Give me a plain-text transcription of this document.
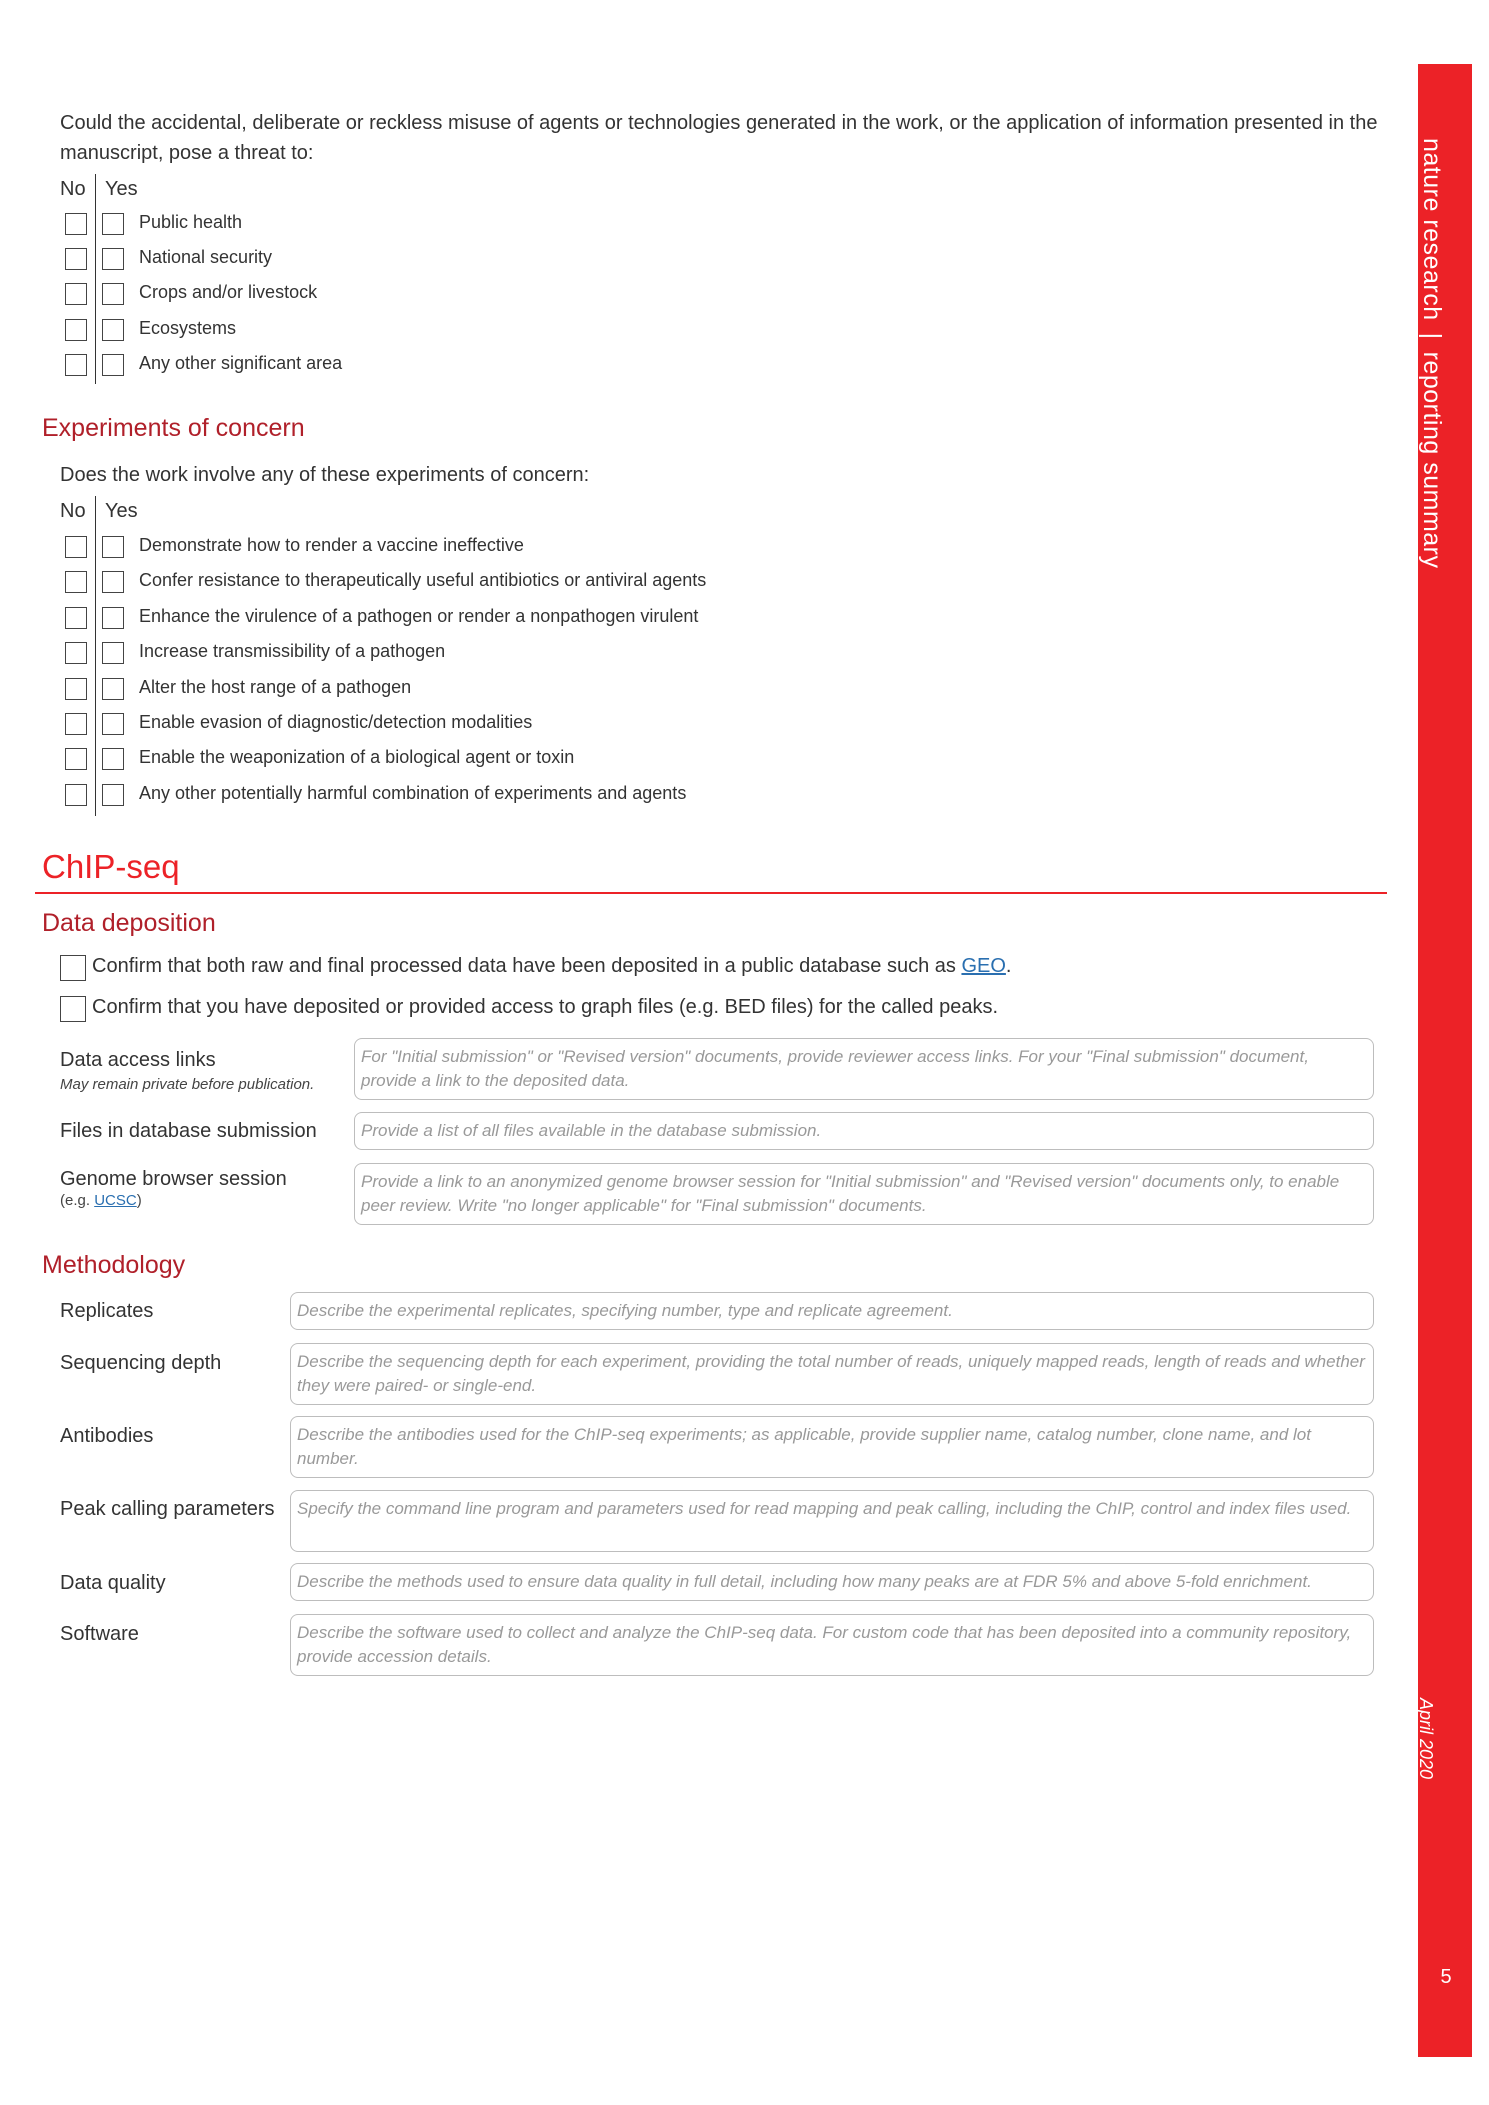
nature research|reporting summary
April 2020
5
Could the accidental, deliberate or reckless misuse of agents or technologies generated in the work, or the application of information presented in the manuscript, pose a threat to:
No Yes
Public health
National security
Crops and/or livestock
Ecosystems
Any other significant area
Experiments of concern
Does the work involve any of these experiments of concern:
No Yes
Demonstrate how to render a vaccine ineffective
Confer resistance to therapeutically useful antibiotics or antiviral agents
Enhance the virulence of a pathogen or render a nonpathogen virulent
Increase transmissibility of a pathogen
Alter the host range of a pathogen
Enable evasion of diagnostic/detection modalities
Enable the weaponization of a biological agent or toxin
Any other potentially harmful combination of experiments and agents
ChIP-seq
Data deposition
Confirm that both raw and final processed data have been deposited in a public database such as GEO.
Confirm that you have deposited or provided access to graph files (e.g. BED files) for the called peaks.
Data access links
May remain private before publication.
For "Initial submission" or "Revised version" documents, provide reviewer access links. For your "Final submission" document, provide a link to the deposited data.
Files in database submission	Provide a list of all files available in the database submission.
Genome browser session
(e.g. UCSC)
Provide a link to an anonymized genome browser session for "Initial submission" and "Revised version" documents only, to enable peer review. Write "no longer applicable" for "Final submission" documents.
Methodology
Replicates	Describe the experimental replicates, specifying number, type and replicate agreement.
Sequencing depth	Describe the sequencing depth for each experiment, providing the total number of reads, uniquely mapped reads, length of reads and whether they were paired- or single-end.
Antibodies	Describe the antibodies used for the ChIP-seq experiments; as applicable, provide supplier name, catalog number, clone name, and lot number.
Peak calling parameters	Specify the command line program and parameters used for read mapping and peak calling, including the ChIP, control and index files used.
Data quality	Describe the methods used to ensure data quality in full detail, including how many peaks are at FDR 5% and above 5-fold enrichment.
Software	Describe the software used to collect and analyze the ChIP-seq data. For custom code that has been deposited into a community repository, provide accession details.
